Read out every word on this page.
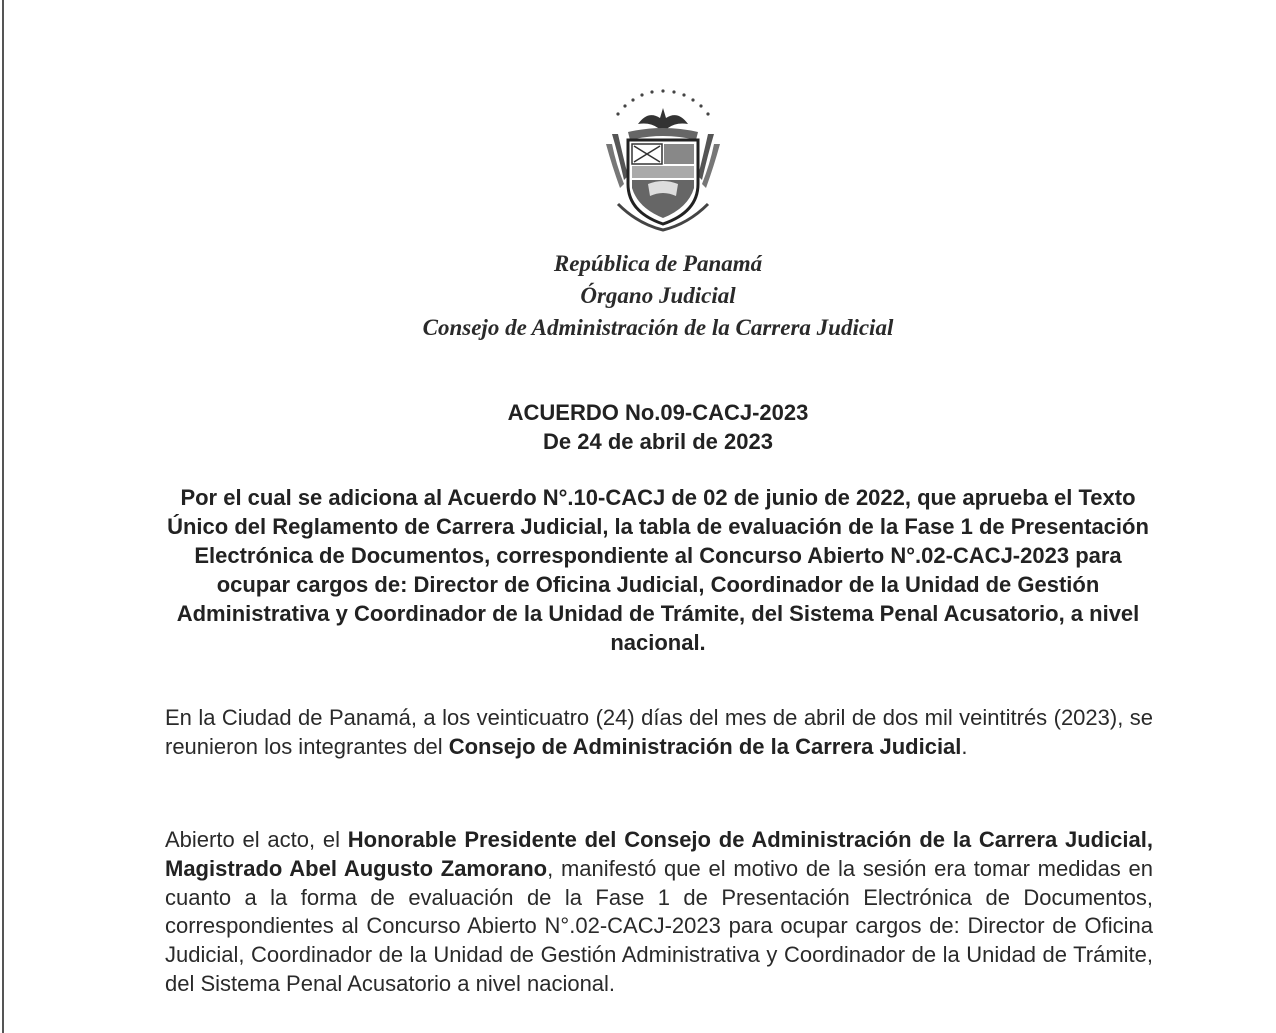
República de Panamá
Órgano Judicial
Consejo de Administración de la Carrera Judicial
ACUERDO No.09-CACJ-2023
De 24 de abril de 2023
Por el cual se adiciona al Acuerdo N°.10-CACJ de 02 de junio de 2022, que aprueba el Texto Único del Reglamento de Carrera Judicial, la tabla de evaluación de la Fase 1 de Presentación Electrónica de Documentos, correspondiente al Concurso Abierto N°.02-CACJ-2023 para ocupar cargos de: Director de Oficina Judicial, Coordinador de la Unidad de Gestión Administrativa y Coordinador de la Unidad de Trámite, del Sistema Penal Acusatorio, a nivel nacional.
En la Ciudad de Panamá, a los veinticuatro (24) días del mes de abril de dos mil veintitrés (2023), se reunieron los integrantes del Consejo de Administración de la Carrera Judicial.
Abierto el acto, el Honorable Presidente del Consejo de Administración de la Carrera Judicial, Magistrado Abel Augusto Zamorano, manifestó que el motivo de la sesión era tomar medidas en cuanto a la forma de evaluación de la Fase 1 de Presentación Electrónica de Documentos, correspondientes al Concurso Abierto N°.02-CACJ-2023 para ocupar cargos de: Director de Oficina Judicial, Coordinador de la Unidad de Gestión Administrativa y Coordinador de la Unidad de Trámite, del Sistema Penal Acusatorio a nivel nacional.
